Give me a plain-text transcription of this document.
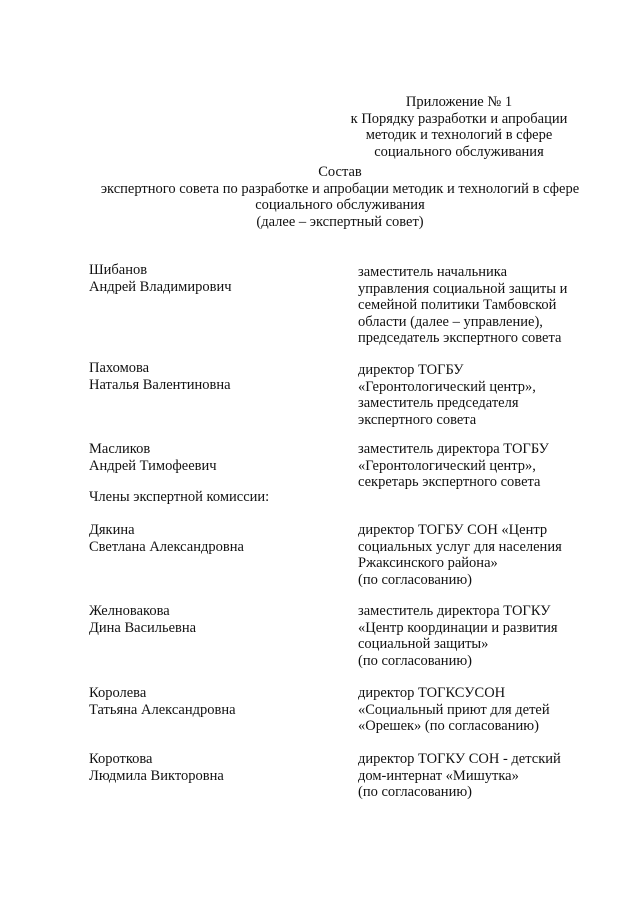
Приложение № 1
к Порядку разработки и апробации
методик и технологий в сфере
социального обслуживания
Состав
экспертного совета по разработке и апробации методик и технологий в сфере
социального обслуживания
(далее – экспертный совет)
Шибанов
Андрей Владимирович
заместитель начальника
управления социальной защиты и
семейной политики Тамбовской
области (далее – управление),
председатель экспертного совета
Пахомова
Наталья Валентиновна
директор ТОГБУ
«Геронтологический центр»,
заместитель председателя
экспертного совета
Масликов
Андрей Тимофеевич
заместитель директора ТОГБУ
«Геронтологический центр»,
секретарь экспертного совета
Члены экспертной комиссии:
Дякина
Светлана Александровна
директор ТОГБУ СОН «Центр
социальных услуг для населения
Ржаксинского района»
(по согласованию)
Желновакова
Дина Васильевна
заместитель директора ТОГКУ
«Центр координации и развития
социальной защиты»
(по согласованию)
Королева
Татьяна Александровна
директор ТОГКСУСОН
«Социальный приют для детей
«Орешек» (по согласованию)
Короткова
Людмила Викторовна
директор ТОГКУ СОН - детский
дом-интернат «Мишутка»
(по согласованию)
